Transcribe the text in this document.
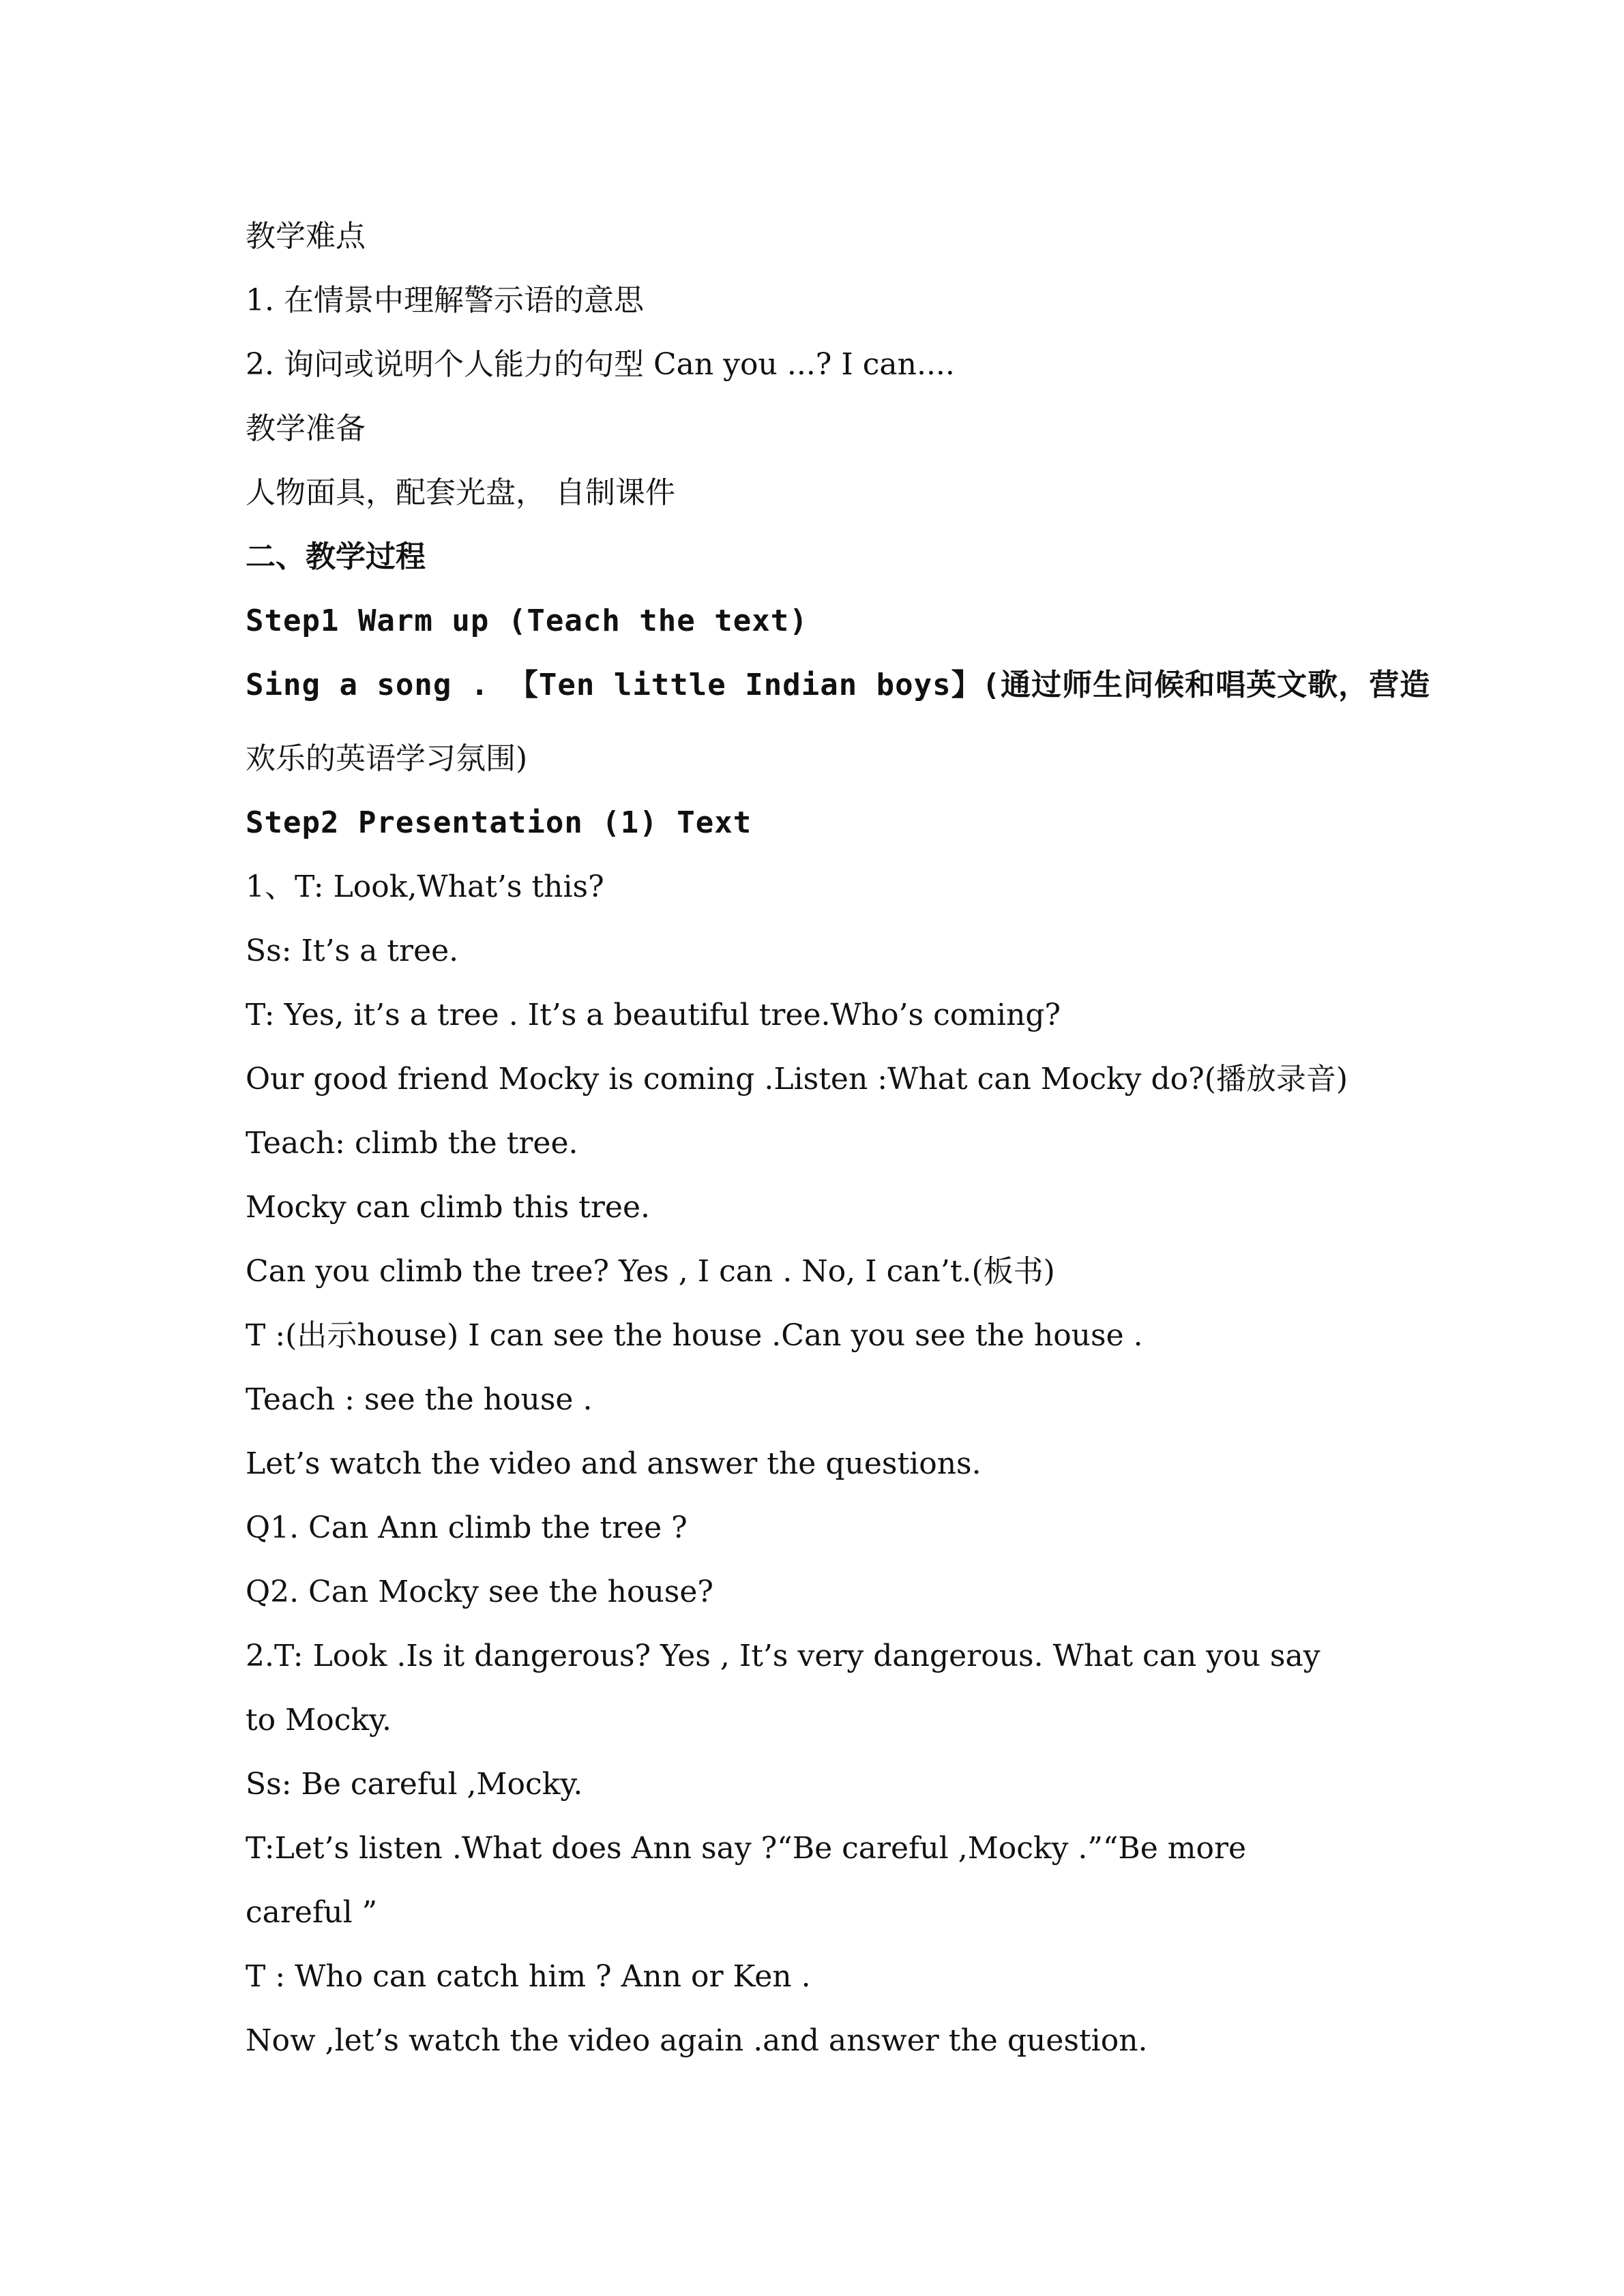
教学难点
1. 在情景中理解警示语的意思
2. 询问或说明个人能力的句型 Can you ...? I can....
教学准备
人物面具，配套光盘， 自制课件
二、教学过程
Step1 Warm up (Teach the text)
Sing a song . 【Ten little Indian boys】(通过师生问候和唱英文歌，营造
欢乐的英语学习氛围)
Step2 Presentation (1) Text
1、T: Look,What’s this?
Ss: It’s a tree.
T: Yes, it’s a tree . It’s a beautiful tree.Who’s coming?
Our good friend Mocky is coming .Listen :What can Mocky do?(播放录音)
Teach: climb the tree.
Mocky can climb this tree.
Can you climb the tree? Yes , I can . No, I can’t.(板书)
T :(出示house) I can see the house .Can you see the house .
Teach : see the house .
Let’s watch the video and answer the questions.
Q1. Can Ann climb the tree ?
Q2. Can Mocky see the house?
2.T: Look .Is it dangerous? Yes , It’s very dangerous. What can you say
to Mocky.
Ss: Be careful ,Mocky.
T:Let’s listen .What does Ann say ?“Be careful ,Mocky .”“Be more
careful ”
T : Who can catch him ? Ann or Ken .
Now ,let’s watch the video again .and answer the question.
